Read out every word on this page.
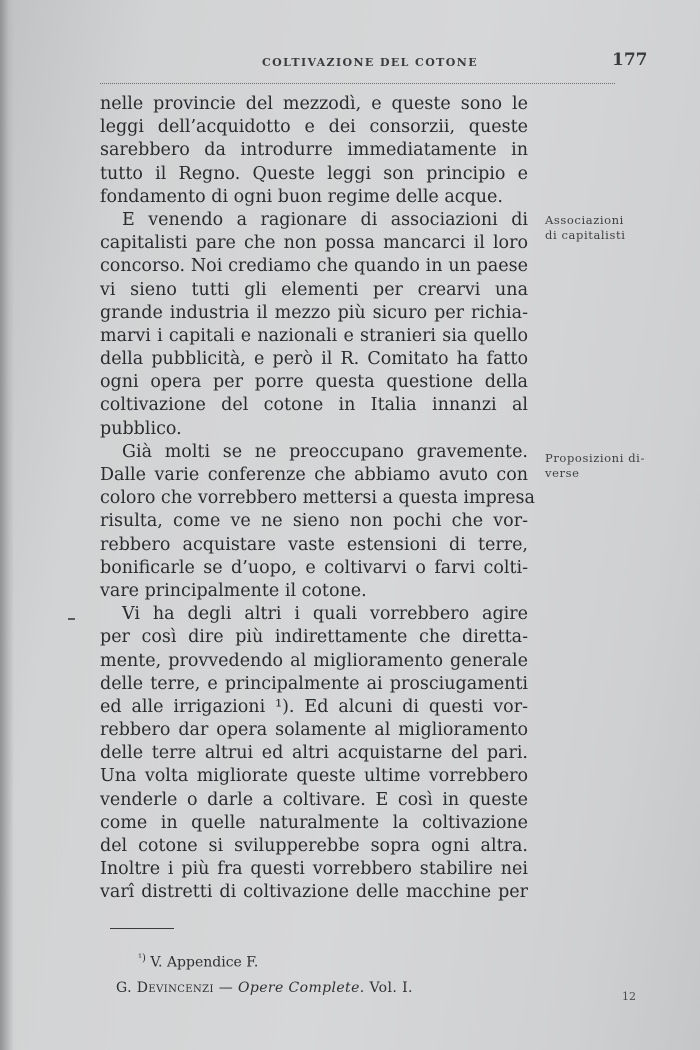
COLTIVAZIONE DEL COTONE	177
nelle provincie del mezzodì, e queste sono le
leggi dell’acquidotto e dei consorzii, queste
sarebbero da introdurre immediatamente in
tutto il Regno. Queste leggi son principio e
fondamento di ogni buon regime delle acque.
E venendo a ragionare di associazioni di
capitalisti pare che non possa mancarci il loro
concorso. Noi crediamo che quando in un paese
vi sieno tutti gli elementi per crearvi una
grande industria il mezzo più sicuro per richia-
marvi i capitali e nazionali e stranieri sia quello
della pubblicità, e però il R. Comitato ha fatto
ogni opera per porre questa questione della
coltivazione del cotone in Italia innanzi al
pubblico.
Già molti se ne preoccupano gravemente.
Dalle varie conferenze che abbiamo avuto con
coloro che vorrebbero mettersi a questa impresa
risulta, come ve ne sieno non pochi che vor-
rebbero acquistare vaste estensioni di terre,
bonificarle se d’uopo, e coltivarvi o farvi colti-
vare principalmente il cotone.
Vi ha degli altri i quali vorrebbero agire
per così dire più indirettamente che diretta-
mente, provvedendo al miglioramento generale
delle terre, e principalmente ai prosciugamenti
ed alle irrigazioni ¹). Ed alcuni di questi vor-
rebbero dar opera solamente al miglioramento
delle terre altrui ed altri acquistarne del pari.
Una volta migliorate queste ultime vorrebbero
venderle o darle a coltivare. E così in queste
come in quelle naturalmente la coltivazione
del cotone si svilupperebbe sopra ogni altra.
Inoltre i più fra questi vorrebbero stabilire nei
varî distretti di coltivazione delle macchine per
Associazioni
di capitalisti
Proposizioni di-
verse
$^{^1)}$ V. Appendice F.
G. Devincenzi — Opere Complete. Vol. I.
12
